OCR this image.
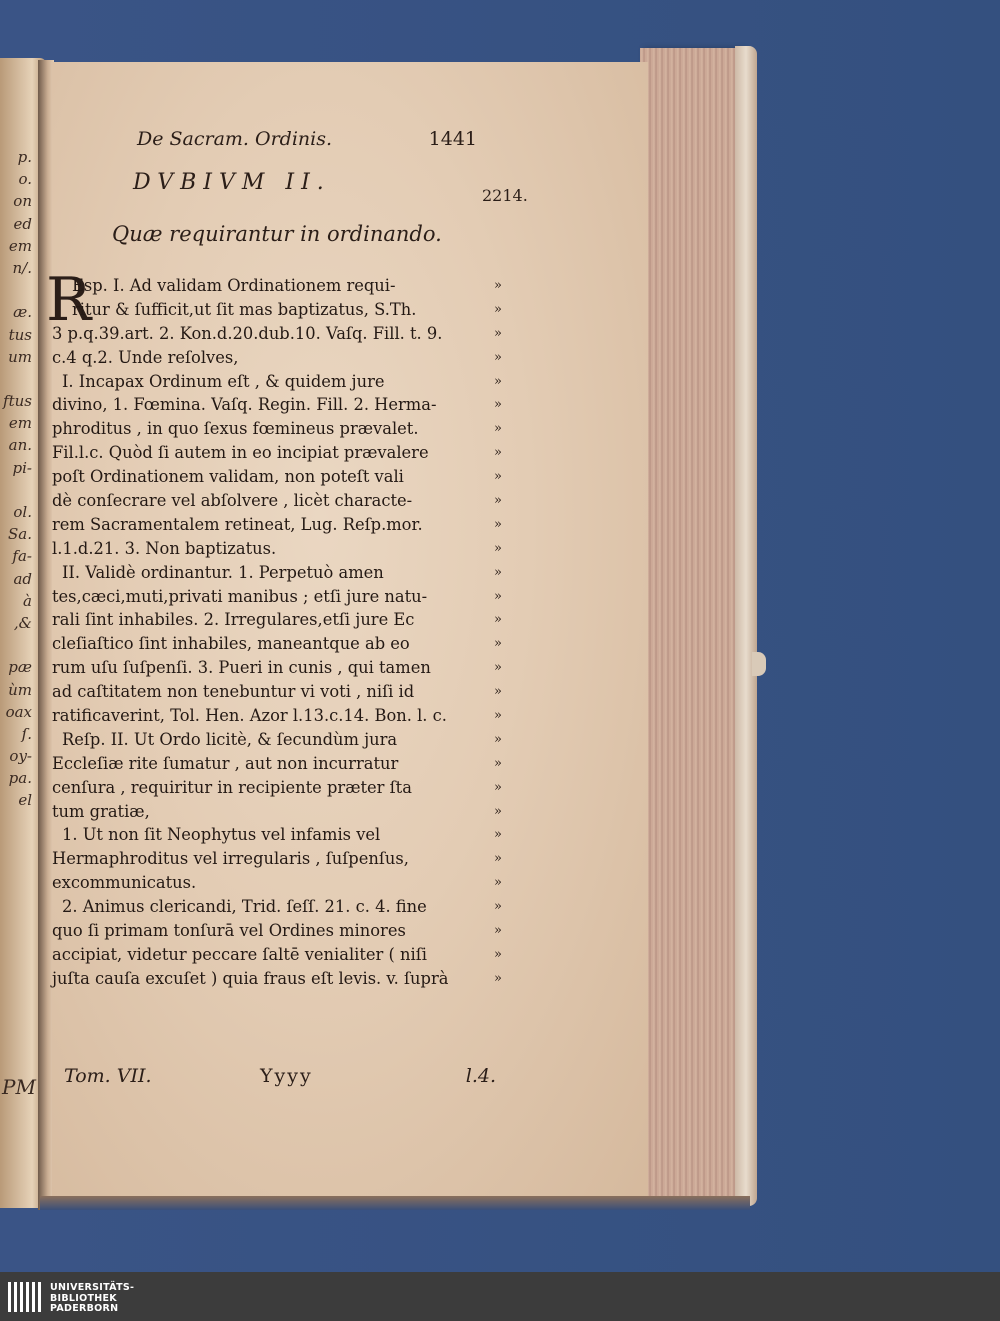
p.
o.
on
ed
em
n/.
æ.
tus
um
ftus
em
an.
pi-
ol.
Sa.
fa-
ad
à
,&
pæ
ùm
oax
ſ.
oy-
pa.
el
De Sacram. Ordinis.	1441
DVBIVM II.
2214.
Quæ requirantur in ordinando.
R
Esp. I. Ad validam Ordinationem requi-
ritur & ſufficit,ut ſit mas baptizatus, S.Th.
3 p.q.39.art. 2. Kon.d.20.dub.10. Vaſq. Fill. t. 9.
c.4 q.2. Unde reſolves,
I. Incapax Ordinum eſt , & quidem jure
divino, 1. Fœmina. Vaſq. Regin. Fill. 2. Herma-
phroditus , in quo ſexus fœmineus prævalet.
Fil.l.c. Quòd ſi autem in eo incipiat prævalere
poſt Ordinationem validam, non poteſt vali
dè conſecrare vel abſolvere , licèt characte-
rem Sacramentalem retineat, Lug. Reſp.mor.
l.1.d.21. 3. Non baptizatus.
II. Validè ordinantur. 1. Perpetuò amen
tes,cæci,muti,privati manibus ; etſi jure natu-
rali ſint inhabiles. 2. Irregulares,etſi jure Ec
cleſiaſtico ſint inhabiles, maneantque ab eo
rum uſu ſuſpenſi. 3. Pueri in cunis , qui tamen
ad caſtitatem non tenebuntur vi voti , niſi id
ratificaverint, Tol. Hen. Azor l.13.c.14. Bon. l. c.
Reſp. II. Ut Ordo licitè, & ſecundùm jura
Eccleſiæ rite ſumatur , aut non incurratur
cenſura , requiritur in recipiente præter ſta
tum gratiæ,
1. Ut non ſit Neophytus vel infamis vel
Hermaphroditus vel irregularis , ſuſpenſus,
excommunicatus.
2. Animus clericandi, Trid. ſeſſ. 21. c. 4. fine
quo ſi primam tonſurā vel Ordines minores
accipiat, videtur peccare ſaltē venialiter ( niſi
juſta cauſa excuſet ) quia fraus eſt levis. v. ſuprà
»
»
»
»
»
»
»
»
»
»
»
»
»
»
»
»
»
»
»
»
»
»
»
»
»
»
»
»
»
»
Tom. VII.	Yyyy	l.4.
PM
UNIVERSITÄTS-
BIBLIOTHEK
PADERBORN
